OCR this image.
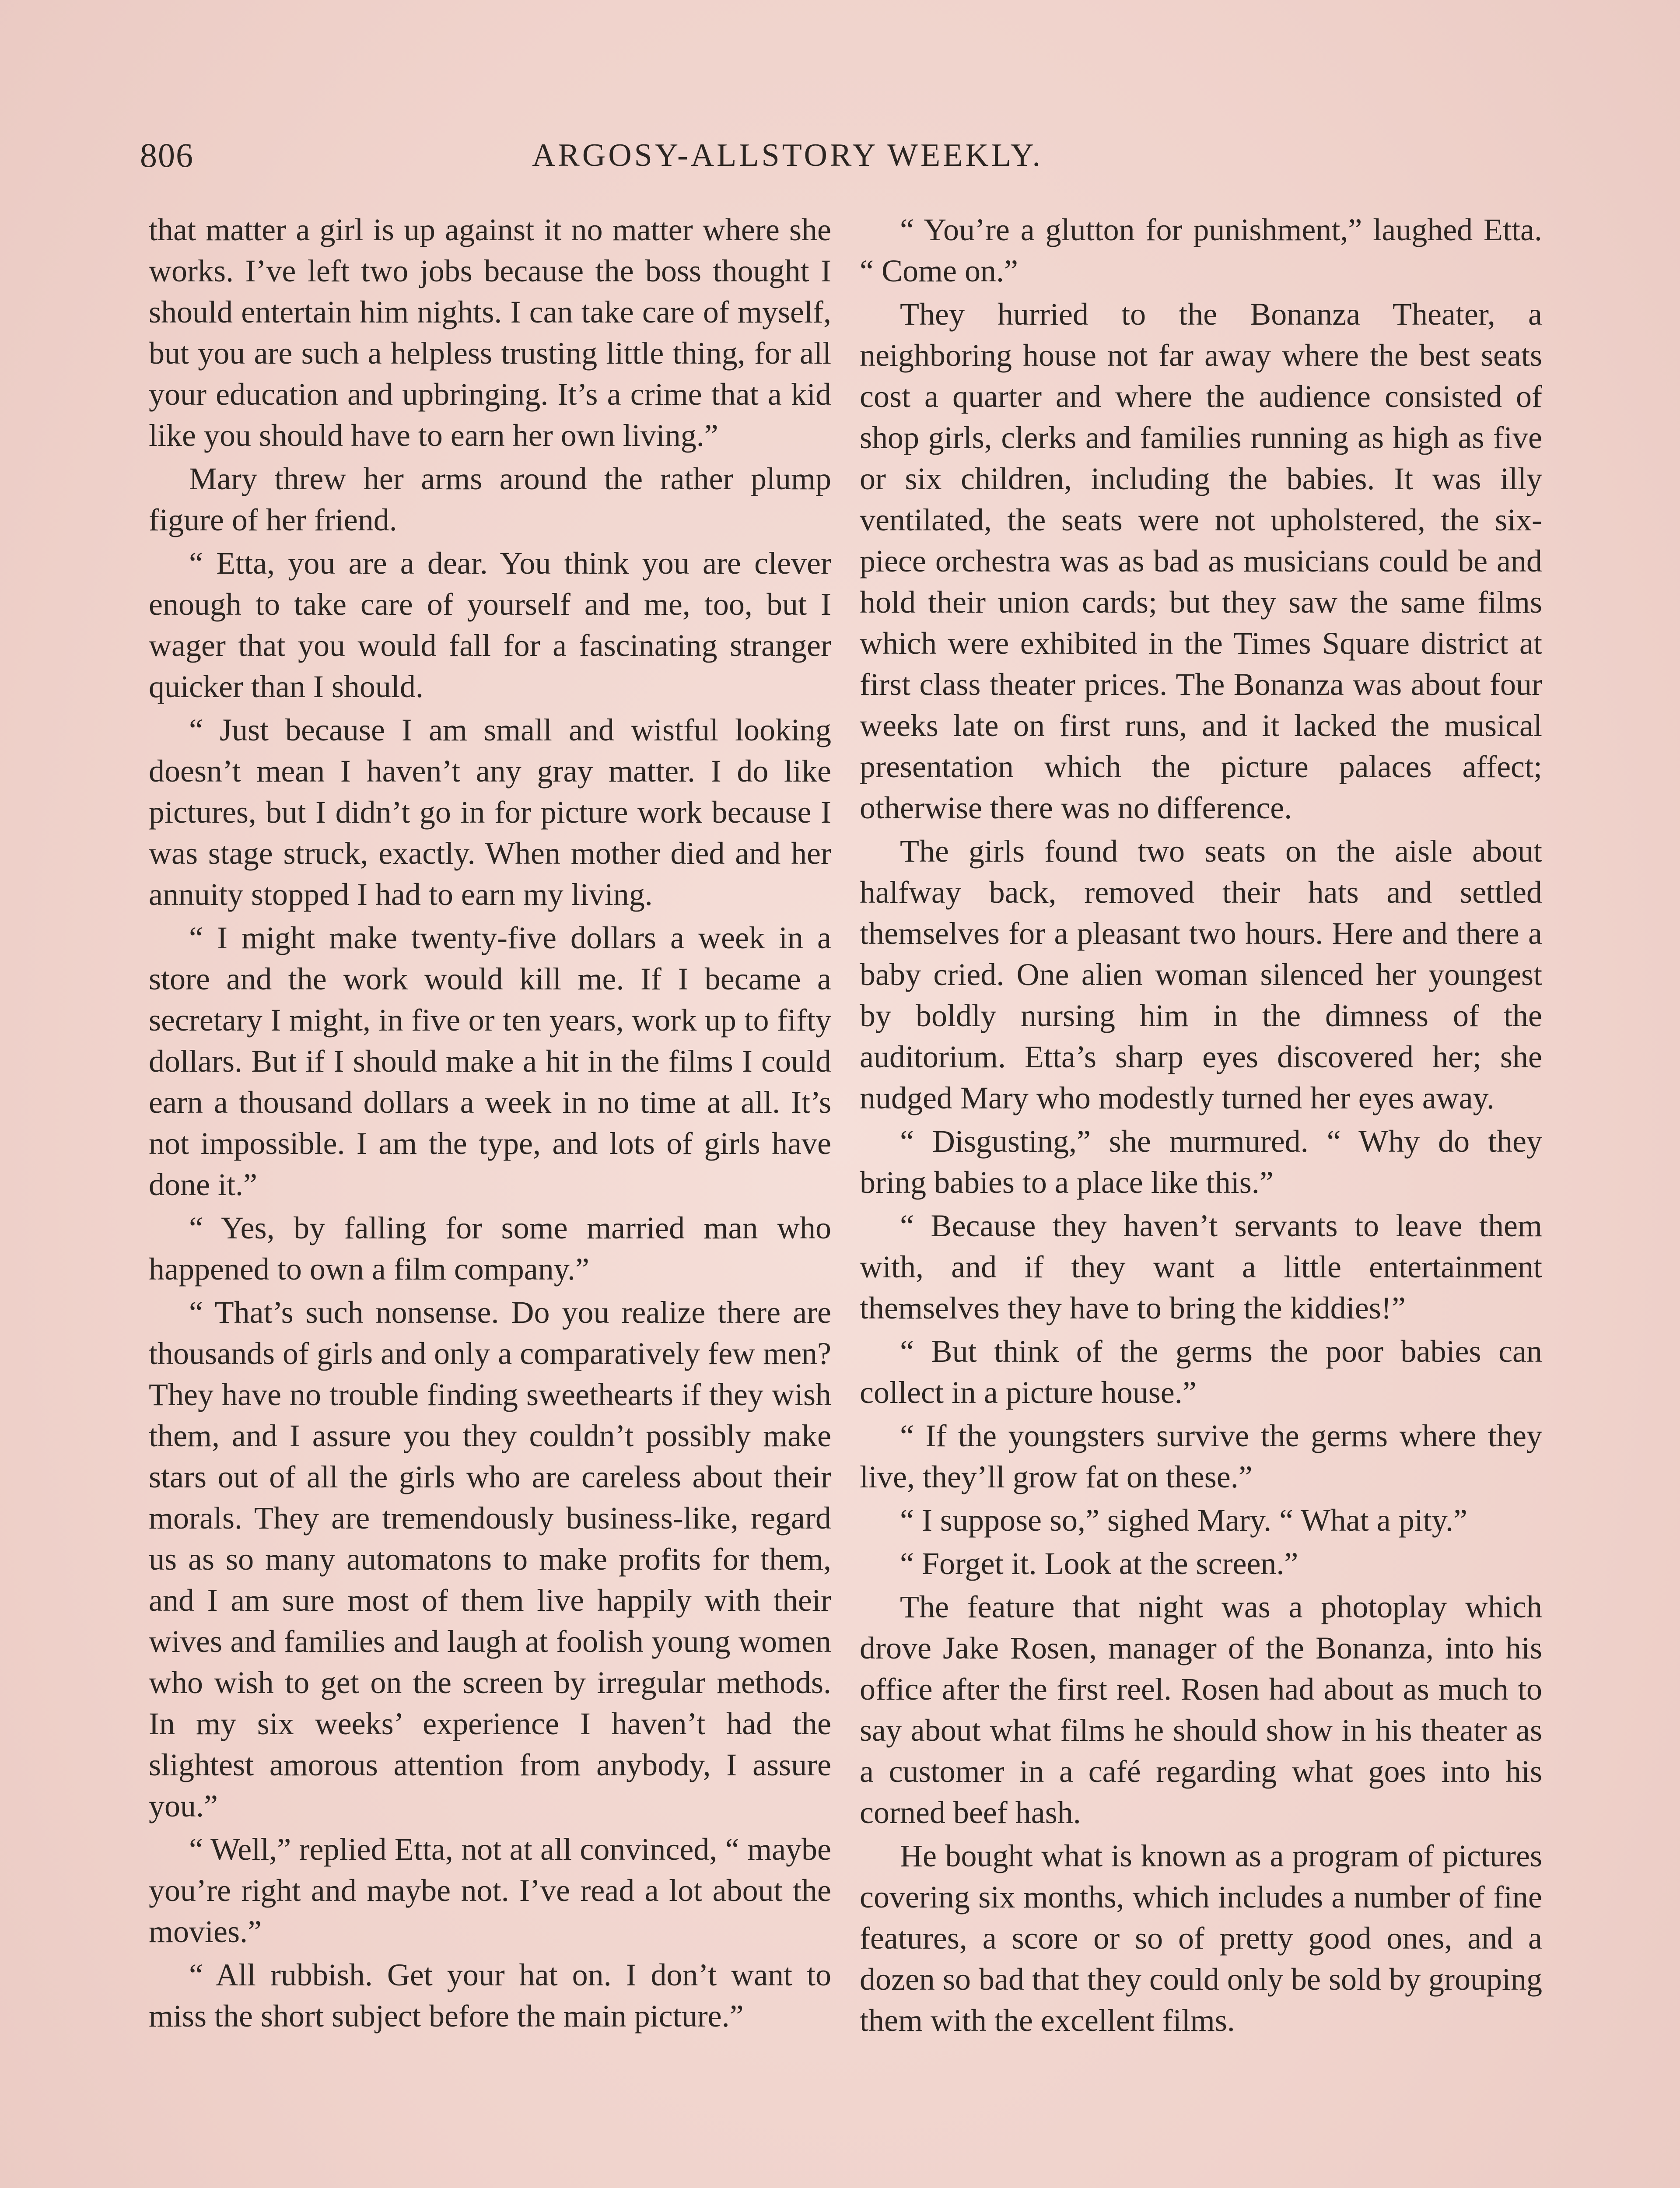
806	ARGOSY-ALLSTORY WEEKLY.

that matter a girl is up against it no matter where she works. I’ve left two jobs because the boss thought I should entertain him nights. I can take care of myself, but you are such a helpless trusting little thing, for all your education and upbringing. It’s a crime that a kid like you should have to earn her own living.”

Mary threw her arms around the rather plump figure of her friend.

“ Etta, you are a dear. You think you are clever enough to take care of yourself and me, too, but I wager that you would fall for a fascinating stranger quicker than I should.

“ Just because I am small and wistful looking doesn’t mean I haven’t any gray matter. I do like pictures, but I didn’t go in for picture work because I was stage struck, exactly. When mother died and her annuity stopped I had to earn my living.

“ I might make twenty-five dollars a week in a store and the work would kill me. If I became a secretary I might, in five or ten years, work up to fifty dollars. But if I should make a hit in the films I could earn a thousand dollars a week in no time at all. It’s not impossible. I am the type, and lots of girls have done it.”

“ Yes, by falling for some married man who happened to own a film company.”

“ That’s such nonsense. Do you realize there are thousands of girls and only a comparatively few men? They have no trouble finding sweethearts if they wish them, and I assure you they couldn’t possibly make stars out of all the girls who are careless about their morals. They are tremendously business-like, regard us as so many automatons to make profits for them, and I am sure most of them live happily with their wives and families and laugh at foolish young women who wish to get on the screen by irregular methods. In my six weeks’ experience I haven’t had the slightest amorous attention from anybody, I assure you.”

“ Well,” replied Etta, not at all convinced, “ maybe you’re right and maybe not. I’ve read a lot about the movies.”

“ All rubbish. Get your hat on. I don’t want to miss the short subject before the main picture.”

“ You’re a glutton for punishment,” laughed Etta. “ Come on.”

They hurried to the Bonanza Theater, a neighboring house not far away where the best seats cost a quarter and where the audience consisted of shop girls, clerks and families running as high as five or six children, including the babies. It was illy ventilated, the seats were not upholstered, the six-piece orchestra was as bad as musicians could be and hold their union cards; but they saw the same films which were exhibited in the Times Square district at first class theater prices. The Bonanza was about four weeks late on first runs, and it lacked the musical presentation which the picture palaces affect; otherwise there was no difference.

The girls found two seats on the aisle about halfway back, removed their hats and settled themselves for a pleasant two hours. Here and there a baby cried. One alien woman silenced her youngest by boldly nursing him in the dimness of the auditorium. Etta’s sharp eyes discovered her; she nudged Mary who modestly turned her eyes away.

“ Disgusting,” she murmured. “ Why do they bring babies to a place like this.”

“ Because they haven’t servants to leave them with, and if they want a little entertainment themselves they have to bring the kiddies!”

“ But think of the germs the poor babies can collect in a picture house.”

“ If the youngsters survive the germs where they live, they’ll grow fat on these.”

“ I suppose so,” sighed Mary. “ What a pity.”

“ Forget it. Look at the screen.”

The feature that night was a photoplay which drove Jake Rosen, manager of the Bonanza, into his office after the first reel. Rosen had about as much to say about what films he should show in his theater as a customer in a café regarding what goes into his corned beef hash.

He bought what is known as a program of pictures covering six months, which includes a number of fine features, a score or so of pretty good ones, and a dozen so bad that they could only be sold by grouping them with the excellent films.
